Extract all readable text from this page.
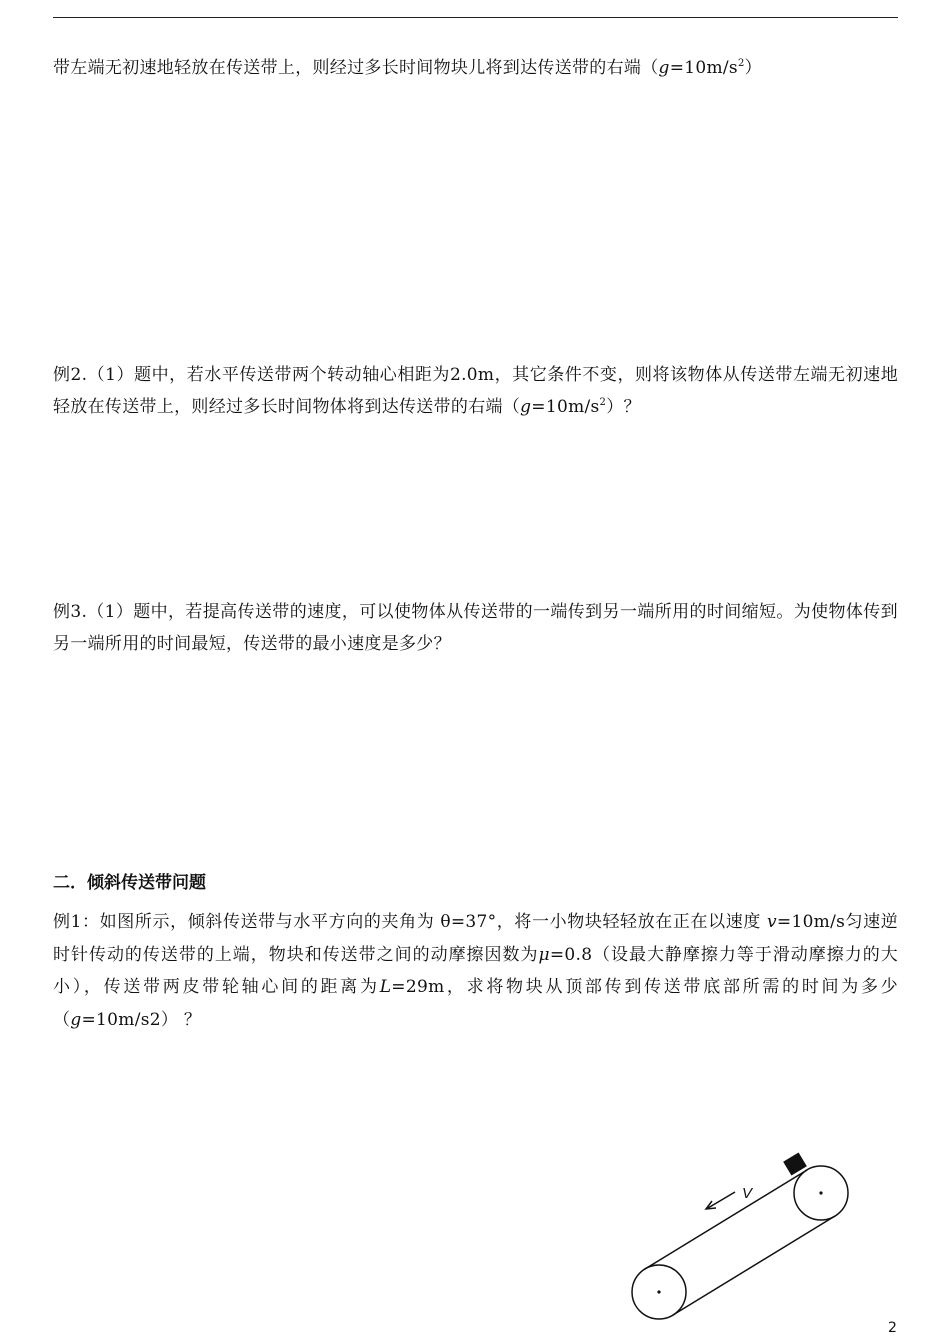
带左端无初速地轻放在传送带上，则经过多长时间物块儿将到达传送带的右端$(g=10m/s^2)$

例2.（1）题中，若水平传送带两个转动轴心相距为2.0m，其它条件不变，则将该物体从传送带左端无初速地轻放在传送带上，则经过多长时间物体将到达传送带的右端$(g=10m/s^2)$？

例3.（1）题中，若提高传送带的速度，可以使物体从传送带的一端传到另一端所用的时间缩短。为使物体传到另一端所用的时间最短，传送带的最小速度是多少？

二．倾斜传送带问题

例1：如图所示，倾斜传送带与水平方向的夹角为 θ=37°，将一小物块轻轻放在正在以速度 v=10m/s匀速逆时针传动的传送带的上端，物块和传送带之间的动摩擦因数为μ=0.8（设最大静摩擦力等于滑动摩擦力的大小），传送带两皮带轮轴心间的距离为L=29m，求将物块从顶部传到传送带底部所需的时间为多少（g=10m/s2） ？

V
2
